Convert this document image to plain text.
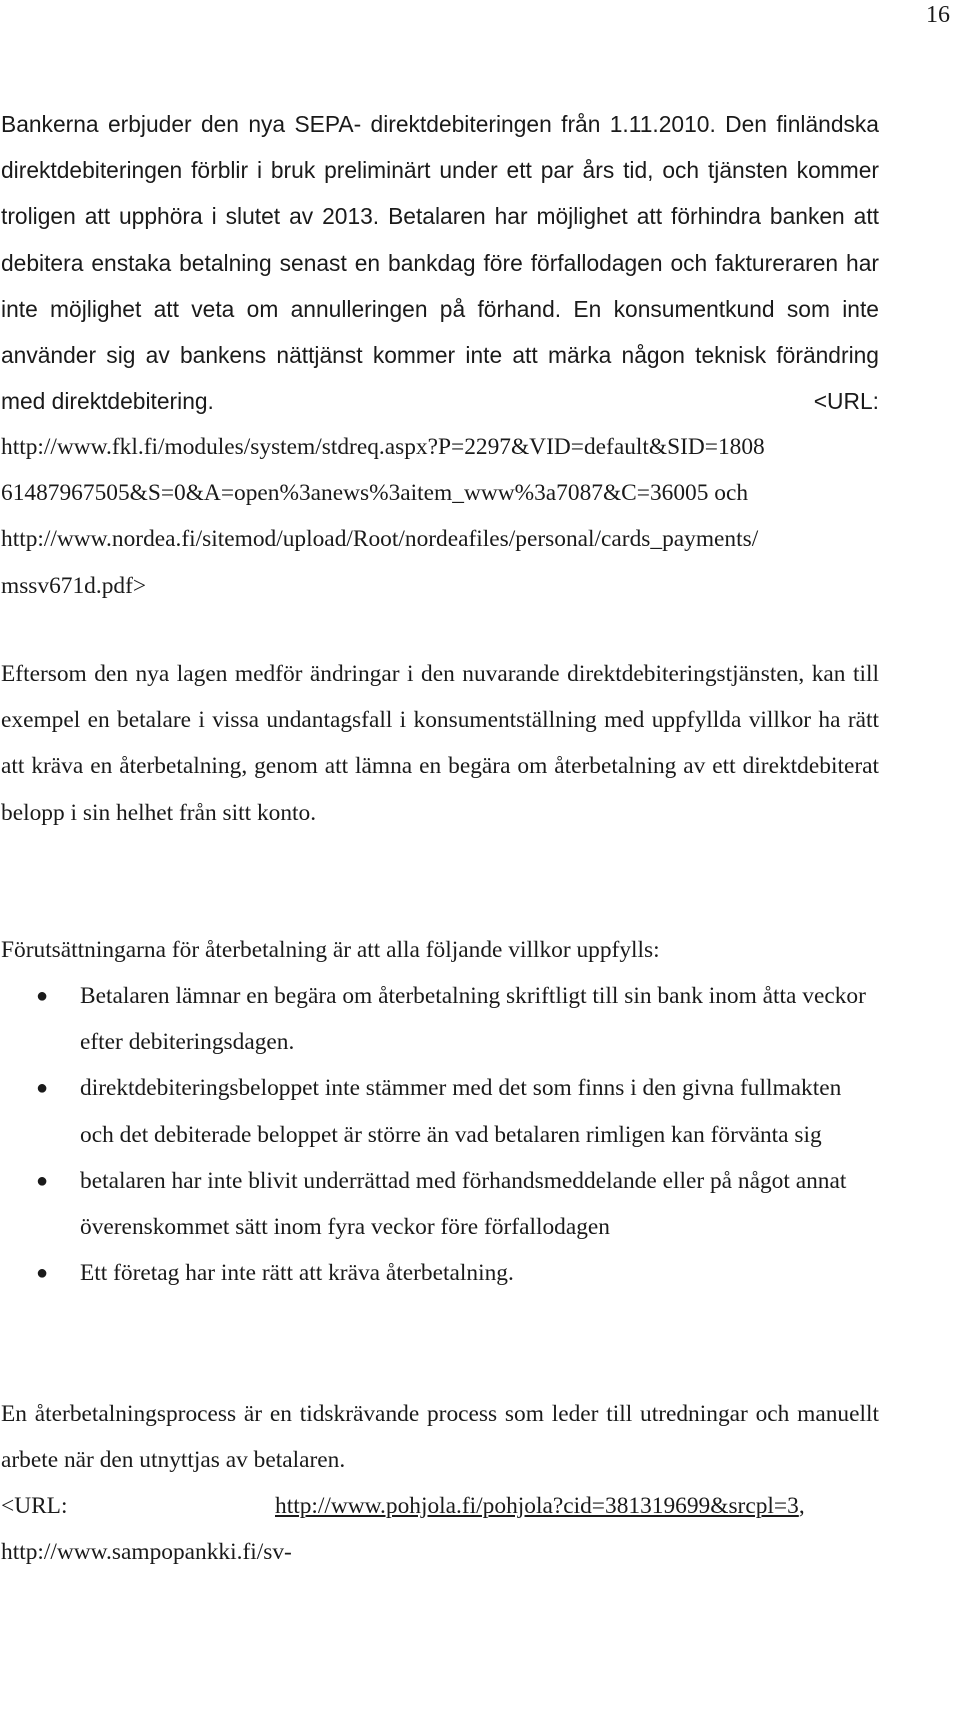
16
Bankerna erbjuder den nya SEPA- direktdebiteringen från 1.11.2010. Den finländska direktdebiteringen förblir i bruk preliminärt under ett par års tid, och tjänsten kommer troligen att upphöra i slutet av 2013. Betalaren har möjlighet att förhindra banken att debitera enstaka betalning senast en bankdag före förfallodagen och faktureraren har inte möjlighet att veta om annulleringen på förhand. En konsumentkund som inte använder sig av bankens nättjänst kommer inte att märka någon teknisk förändring med direktdebitering.	<URL:
http://www.fkl.fi/modules/system/stdreq.aspx?P=2297&VID=default&SID=1808
61487967505&S=0&A=open%3anews%3aitem_www%3a7087&C=36005 och
http://www.nordea.fi/sitemod/upload/Root/nordeafiles/personal/cards_payments/
mssv671d.pdf>
Eftersom den nya lagen medför ändringar i den nuvarande direktdebiteringstjänsten, kan till exempel en betalare i vissa undantagsfall i konsumentställning med uppfyllda villkor ha rätt att kräva en återbetalning, genom att lämna en begära om återbetalning av ett direktdebiterat belopp i sin helhet från sitt konto.
Förutsättningarna för återbetalning är att alla följande villkor uppfylls:
● Betalaren lämnar en begära om återbetalning skriftligt till sin bank inom åtta veckor efter debiteringsdagen.
● direktdebiteringsbeloppet inte stämmer med det som finns i den givna fullmakten och det debiterade beloppet är större än vad betalaren rimligen kan förvänta sig
● betalaren har inte blivit underrättad med förhandsmeddelande eller på något annat överenskommet sätt inom fyra veckor före förfallodagen
● Ett företag har inte rätt att kräva återbetalning.
En återbetalningsprocess är en tidskrävande process som leder till utredningar och manuellt arbete när den utnyttjas av betalaren.
<URL:	http://www.pohjola.fi/pohjola?cid=381319699&srcpl=3,
http://www.sampopankki.fi/sv-
